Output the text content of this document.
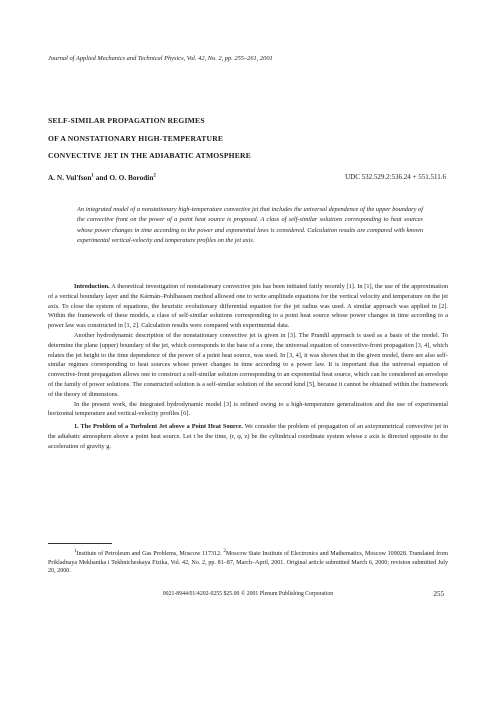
Journal of Applied Mechanics and Technical Physics, Vol. 42, No. 2, pp. 255–261, 2001
SELF-SIMILAR PROPAGATION REGIMES
OF A NONSTATIONARY HIGH-TEMPERATURE
CONVECTIVE JET IN THE ADIABATIC ATMOSPHERE
A. N. Vul'fson$^1$ and O. O. Borodin$^2$	UDC 532.529.2:536.24 + 551.511.6
An integrated model of a nonstationary high-temperature convective jet that includes the universal dependence of the upper boundary of the convective front on the power of a point heat source is proposed. A class of self-similar solutions corresponding to heat sources whose power changes in time according to the power and exponential laws is considered. Calculation results are compared with known experimental vertical-velocity and temperature profiles on the jet axis.

Introduction. A theoretical investigation of nonstationary convective jets has been initiated fairly recently [1]. In [1], the use of the approximation of a vertical boundary layer and the Kármán–Pohlhausen method allowed one to write amplitude equations for the vertical velocity and temperature on the jet axis. To close the system of equations, the heuristic evolutionary differential equation for the jet radius was used. A similar approach was applied in [2]. Within the framework of these models, a class of self-similar solutions corresponding to a point heat source whose power changes in time according to a power law was constructed in [1, 2]. Calculation results were compared with experimental data.

Another hydrodynamic description of the nonstationary convective jet is given in [3]. The Prandtl approach is used as a basis of the model. To determine the plane (upper) boundary of the jet, which corresponds to the base of a cone, the universal equation of convective-front propagation [3, 4], which relates the jet height to the time dependence of the power of a point heat source, was used. In [3, 4], it was shown that in the given model, there are also self-similar regimes corresponding to heat sources whose power changes in time according to a power law. It is important that the universal equation of convective-front propagation allows one to construct a self-similar solution corresponding to an exponential heat source, which can be considered an envelope of the family of power solutions. The constructed solution is a self-similar solution of the second kind [5], because it cannot be obtained within the framework of the theory of dimensions.

In the present work, the integrated hydrodynamic model [3] is refined owing to a high-temperature generalization and the use of experimental horizontal temperature and vertical-velocity profiles [6].

1. The Problem of a Turbulent Jet above a Point Heat Source. We consider the problem of propagation of an axisymmetrical convective jet in the adiabatic atmosphere above a point heat source. Let t be the time, (r, φ, z) be the cylindrical coordinate system whose z axis is directed opposite to the acceleration of gravity g.

$^1$Institute of Petroleum and Gas Problems, Moscow 117312. $^2$Moscow State Institute of Electronics and Mathematics, Moscow 109028. Translated from Prikladnaya Mekhanika i Tekhnicheskaya Fizika, Vol. 42, No. 2, pp. 81–87, March–April, 2001. Original article submitted March 6, 2000; revision submitted July 20, 2000.
0021-8944/01/4202-0255 $25.00 © 2001 Plenum Publishing Corporation	255
